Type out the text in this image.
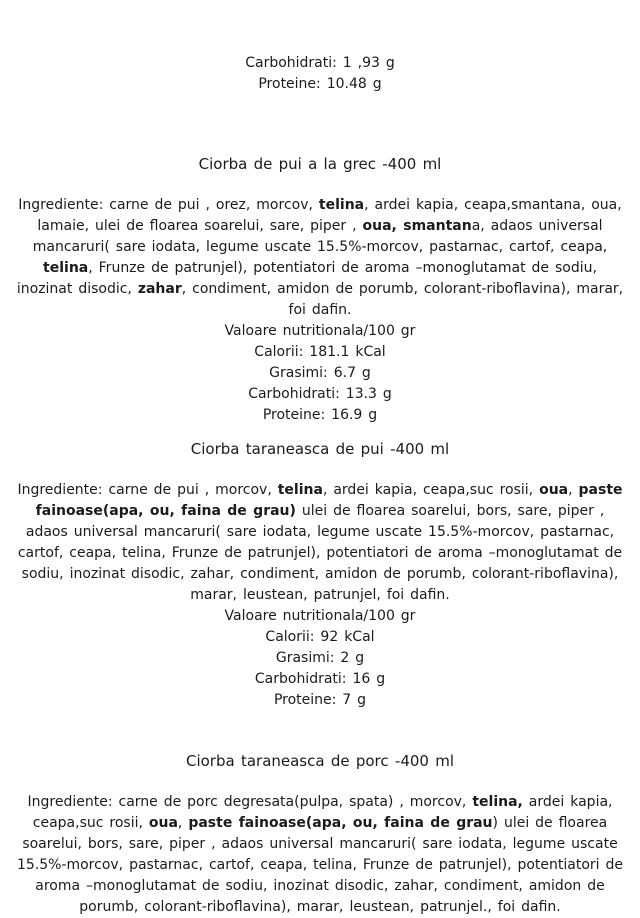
Carbohidrati: 1 ,93 g
Proteine: 10.48 g
Ciorba de pui a la grec -400 ml

Ingrediente: carne de pui , orez, morcov, telina, ardei kapia, ceapa,smantana, oua, lamaie, ulei de floarea soarelui, sare, piper , oua, smantana, adaos universal mancaruri( sare iodata, legume uscate 15.5%-morcov, pastarnac, cartof, ceapa, telina, Frunze de patrunjel), potentiatori de aroma –monoglutamat de sodiu, inozinat disodic, zahar, condiment, amidon de porumb, colorant-riboflavina), marar, foi dafin.

Valoare nutritionala/100 gr
Calorii: 181.1 kCal
Grasimi: 6.7 g
Carbohidrati: 13.3 g
Proteine: 16.9 g
Ciorba taraneasca de pui -400 ml

Ingrediente: carne de pui , morcov, telina, ardei kapia, ceapa,suc rosii, oua, paste fainoase(apa, ou, faina de grau) ulei de floarea soarelui, bors, sare, piper , adaos universal mancaruri( sare iodata, legume uscate 15.5%-morcov, pastarnac, cartof, ceapa, telina, Frunze de patrunjel), potentiatori de aroma –monoglutamat de sodiu, inozinat disodic, zahar, condiment, amidon de porumb, colorant-riboflavina), marar, leustean, patrunjel, foi dafin.

Valoare nutritionala/100 gr
Calorii: 92 kCal
Grasimi: 2 g
Carbohidrati: 16 g
Proteine: 7 g
Ciorba taraneasca de porc -400 ml

Ingrediente: carne de porc degresata(pulpa, spata) , morcov, telina, ardei kapia, ceapa,suc rosii, oua, paste fainoase(apa, ou, faina de grau) ulei de floarea soarelui, bors, sare, piper , adaos universal mancaruri( sare iodata, legume uscate 15.5%-morcov, pastarnac, cartof, ceapa, telina, Frunze de patrunjel), potentiatori de aroma –monoglutamat de sodiu, inozinat disodic, zahar, condiment, amidon de porumb, colorant-riboflavina), marar, leustean, patrunjel., foi dafin.
